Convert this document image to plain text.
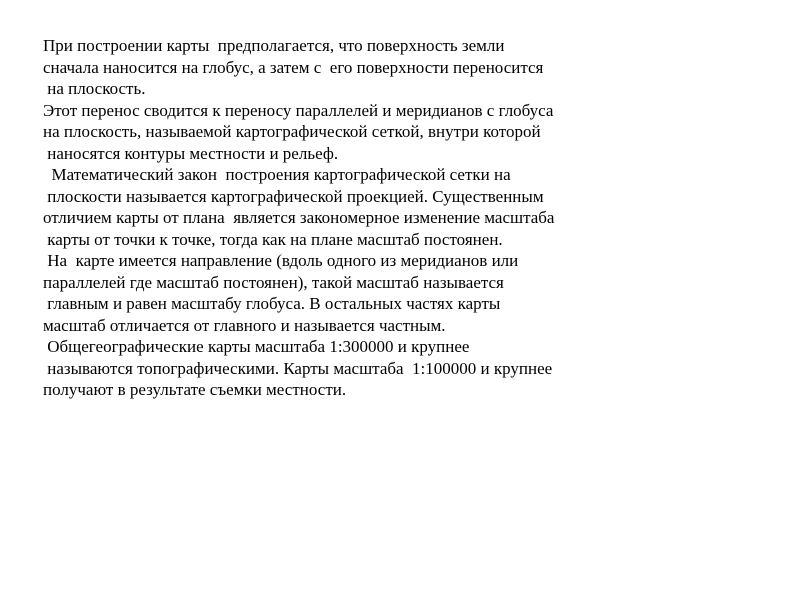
При построении карты  предполагается, что поверхность земли
сначала наносится на глобус, а затем с  его поверхности переносится
на плоскость.
Этот перенос сводится к переносу параллелей и меридианов с глобуса
на плоскость, называемой картографической сеткой, внутри которой
наносятся контуры местности и рельеф.
Математический закон  построения картографической сетки на
плоскости называется картографической проекцией. Существенным
отличием карты от плана  является закономерное изменение масштаба
карты от точки к точке, тогда как на плане масштаб постоянен.
На  карте имеется направление (вдоль одного из меридианов или
параллелей где масштаб постоянен), такой масштаб называется
главным и равен масштабу глобуса. В остальных частях карты
масштаб отличается от главного и называется частным.
Общегеографические карты масштаба 1:300000 и крупнее
называются топографическими. Карты масштаба  1:100000 и крупнее
получают в результате съемки местности.
